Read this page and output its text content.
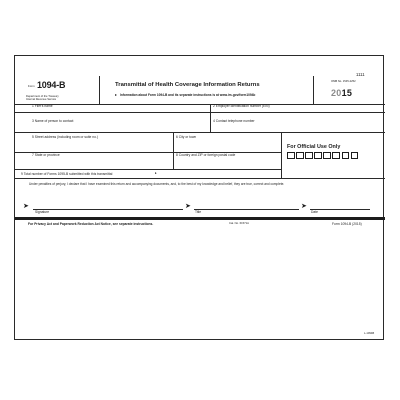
Form 1094-B
Department of the Treasury
Internal Revenue Service
Transmittal of Health Coverage Information Returns
▸ Information about Form 1094-B and its separate instructions is at www.irs.gov/form1094b
1111
OMB No. 1545-2252
2015
1 Filer's name	2 Employer identification number (EIN)
3 Name of person to contact	4 Contact telephone number
5 Street address (including room or suite no.)	6 City or town
7 State or province	8 Country and ZIP or foreign postal code
9 Total number of Forms 1095-B submitted with this transmittal	▸
For Official Use Only
Under penalties of perjury, I declare that I have examined this return and accompanying documents, and, to the best of my knowledge and belief, they are true, correct and complete.
➤
Signature
➤
Title
➤
Date
For Privacy Act and Paperwork Reduction Act Notice, see separate instructions.	Cat. No. 61571A	Form 1094-B (2015)
L-1094B
